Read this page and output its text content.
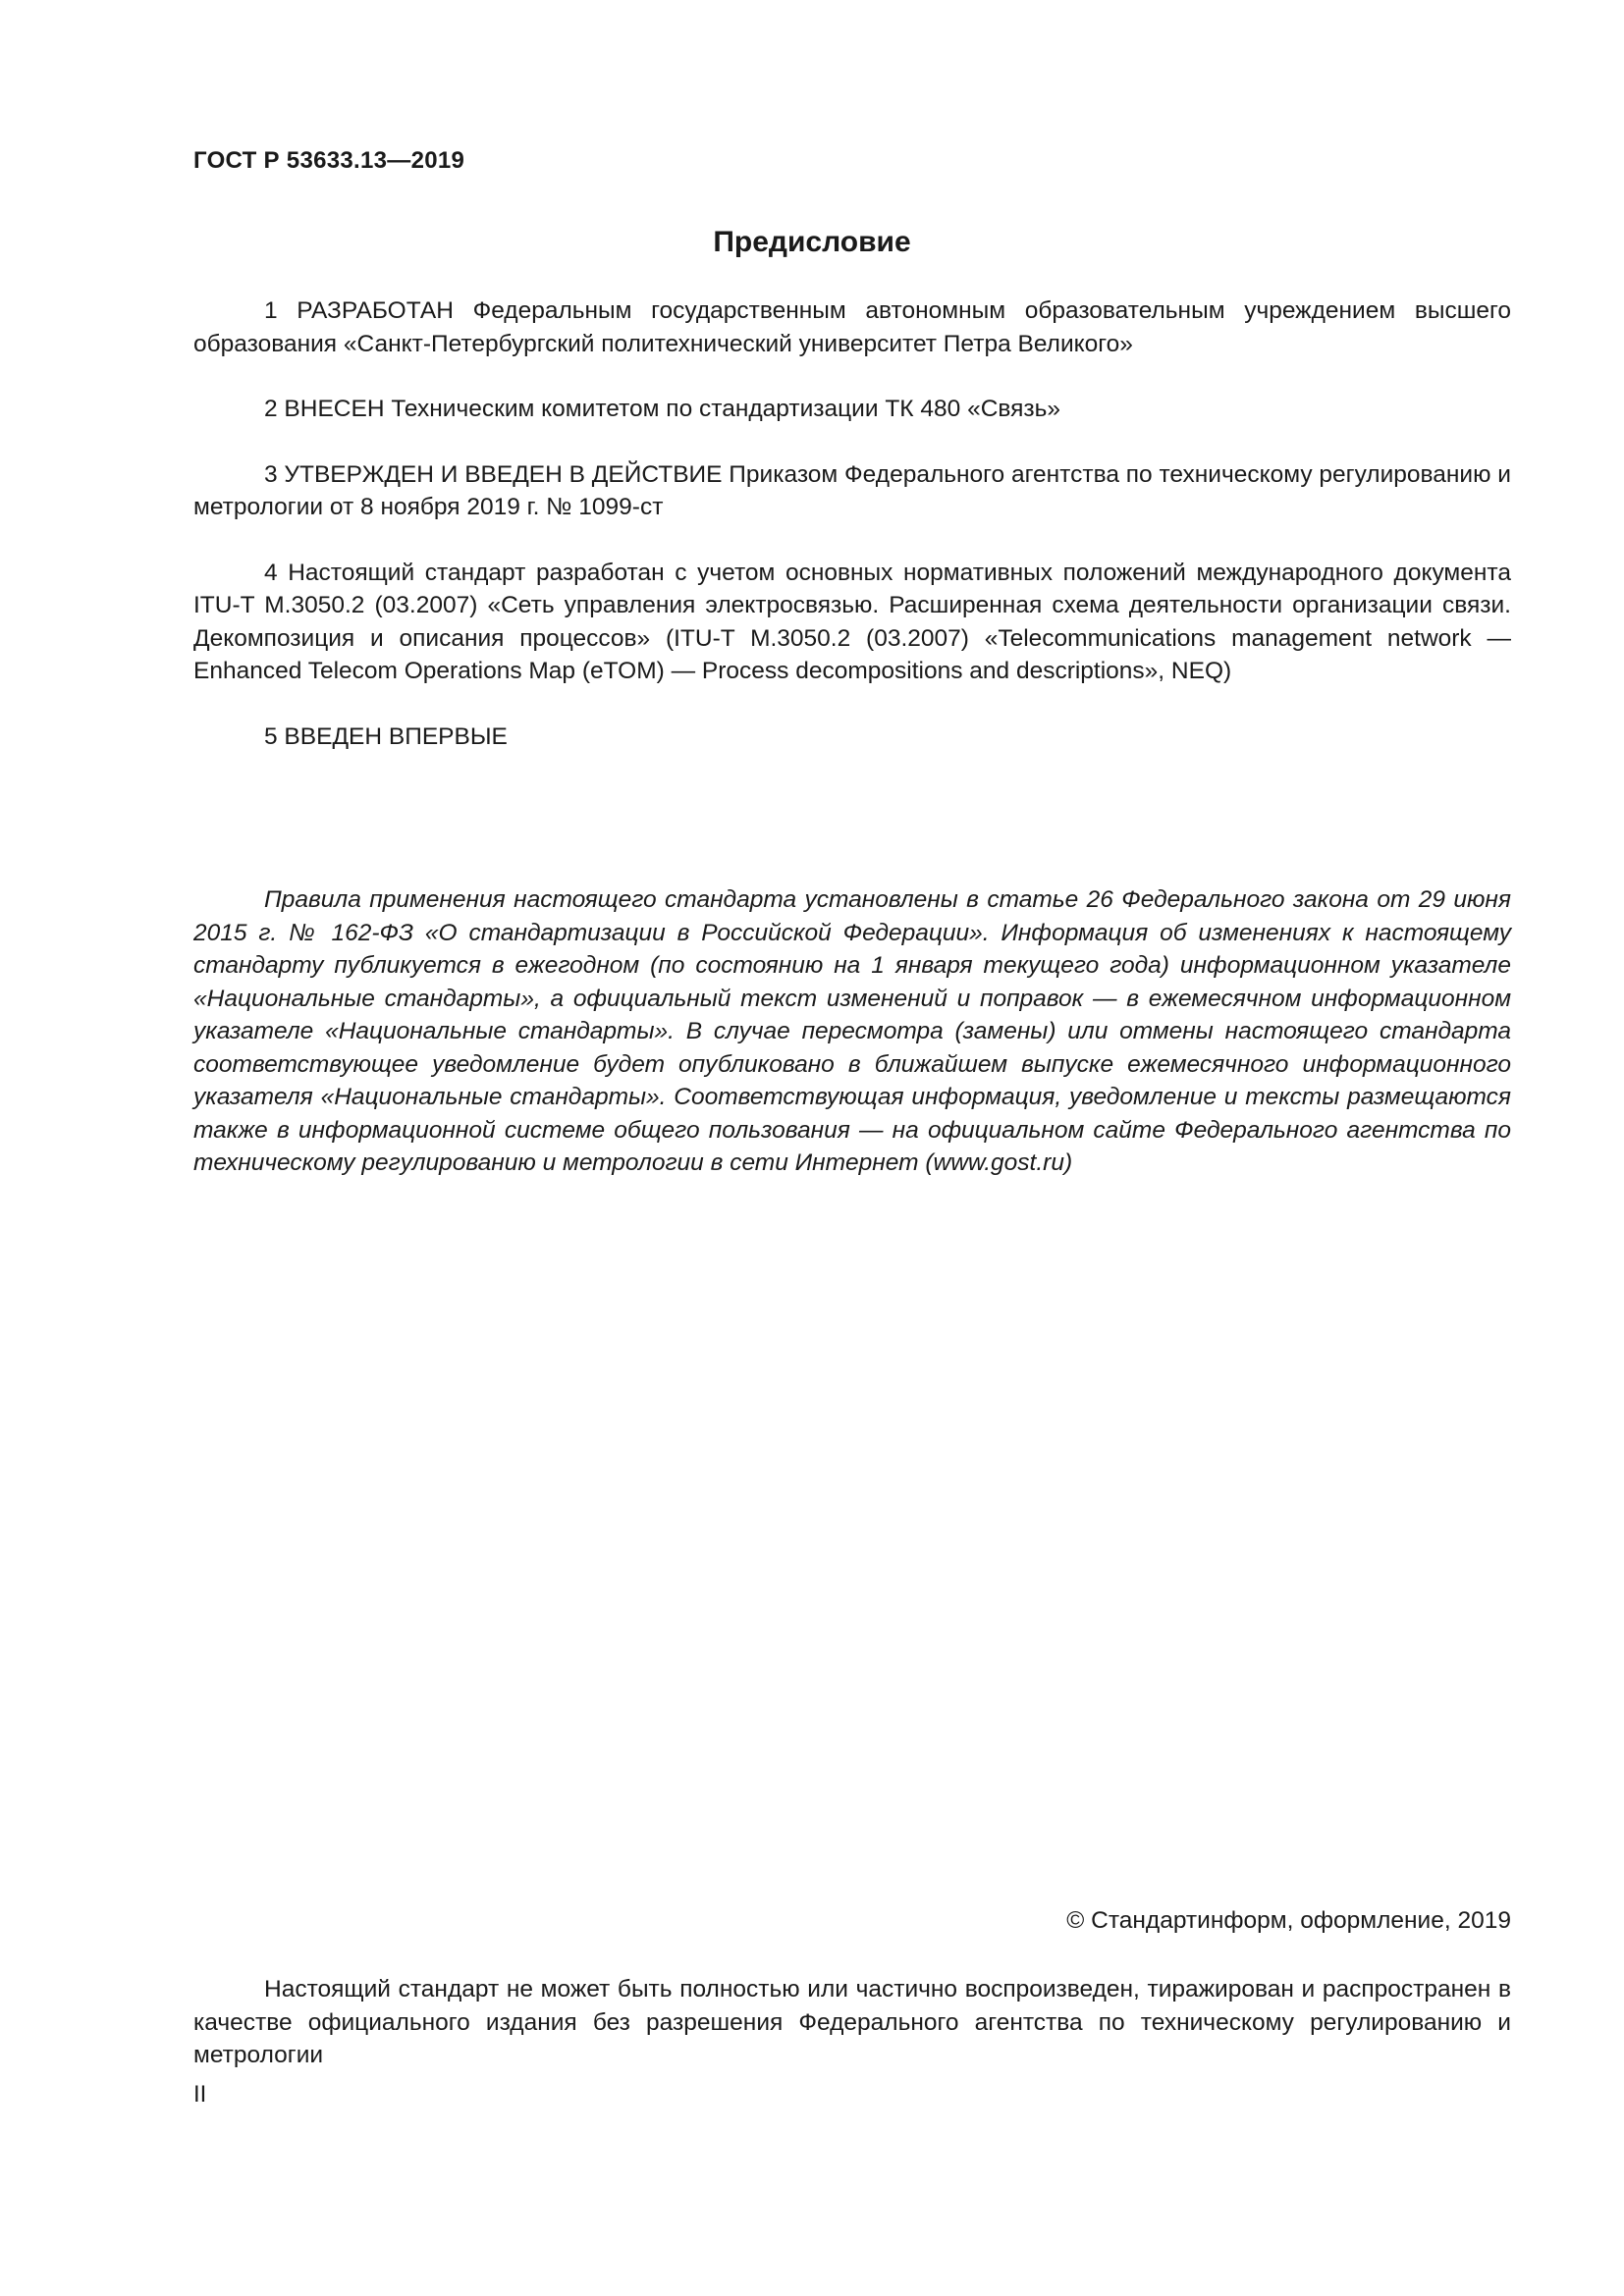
ГОСТ Р 53633.13—2019
Предисловие

1 РАЗРАБОТАН Федеральным государственным автономным образовательным учреждением высшего образования «Санкт-Петербургский политехнический университет Петра Великого»

2 ВНЕСЕН Техническим комитетом по стандартизации ТК 480 «Связь»

3 УТВЕРЖДЕН И ВВЕДЕН В ДЕЙСТВИЕ Приказом Федерального агентства по техническому регулированию и метрологии от 8 ноября 2019 г. № 1099-ст

4 Настоящий стандарт разработан с учетом основных нормативных положений международного документа ITU-T M.3050.2 (03.2007) «Сеть управления электросвязью. Расширенная схема деятельности организации связи. Декомпозиция и описания процессов» (ITU-T M.3050.2 (03.2007) «Telecommunications management network — Enhanced Telecom Operations Map (eTOM) — Process decompositions and descriptions», NEQ)

5 ВВЕДЕН ВПЕРВЫЕ

Правила применения настоящего стандарта установлены в статье 26 Федерального закона от 29 июня 2015 г. № 162-ФЗ «О стандартизации в Российской Федерации». Информация об изменениях к настоящему стандарту публикуется в ежегодном (по состоянию на 1 января текущего года) информационном указателе «Национальные стандарты», а официальный текст изменений и поправок — в ежемесячном информационном указателе «Национальные стандарты». В случае пересмотра (замены) или отмены настоящего стандарта соответствующее уведомление будет опубликовано в ближайшем выпуске ежемесячного информационного указателя «Национальные стандарты». Соответствующая информация, уведомление и тексты размещаются также в информационной системе общего пользования — на официальном сайте Федерального агентства по техническому регулированию и метрологии в сети Интернет (www.gost.ru)
© Стандартинформ, оформление, 2019
Настоящий стандарт не может быть полностью или частично воспроизведен, тиражирован и распространен в качестве официального издания без разрешения Федерального агентства по техническому регулированию и метрологии
II
